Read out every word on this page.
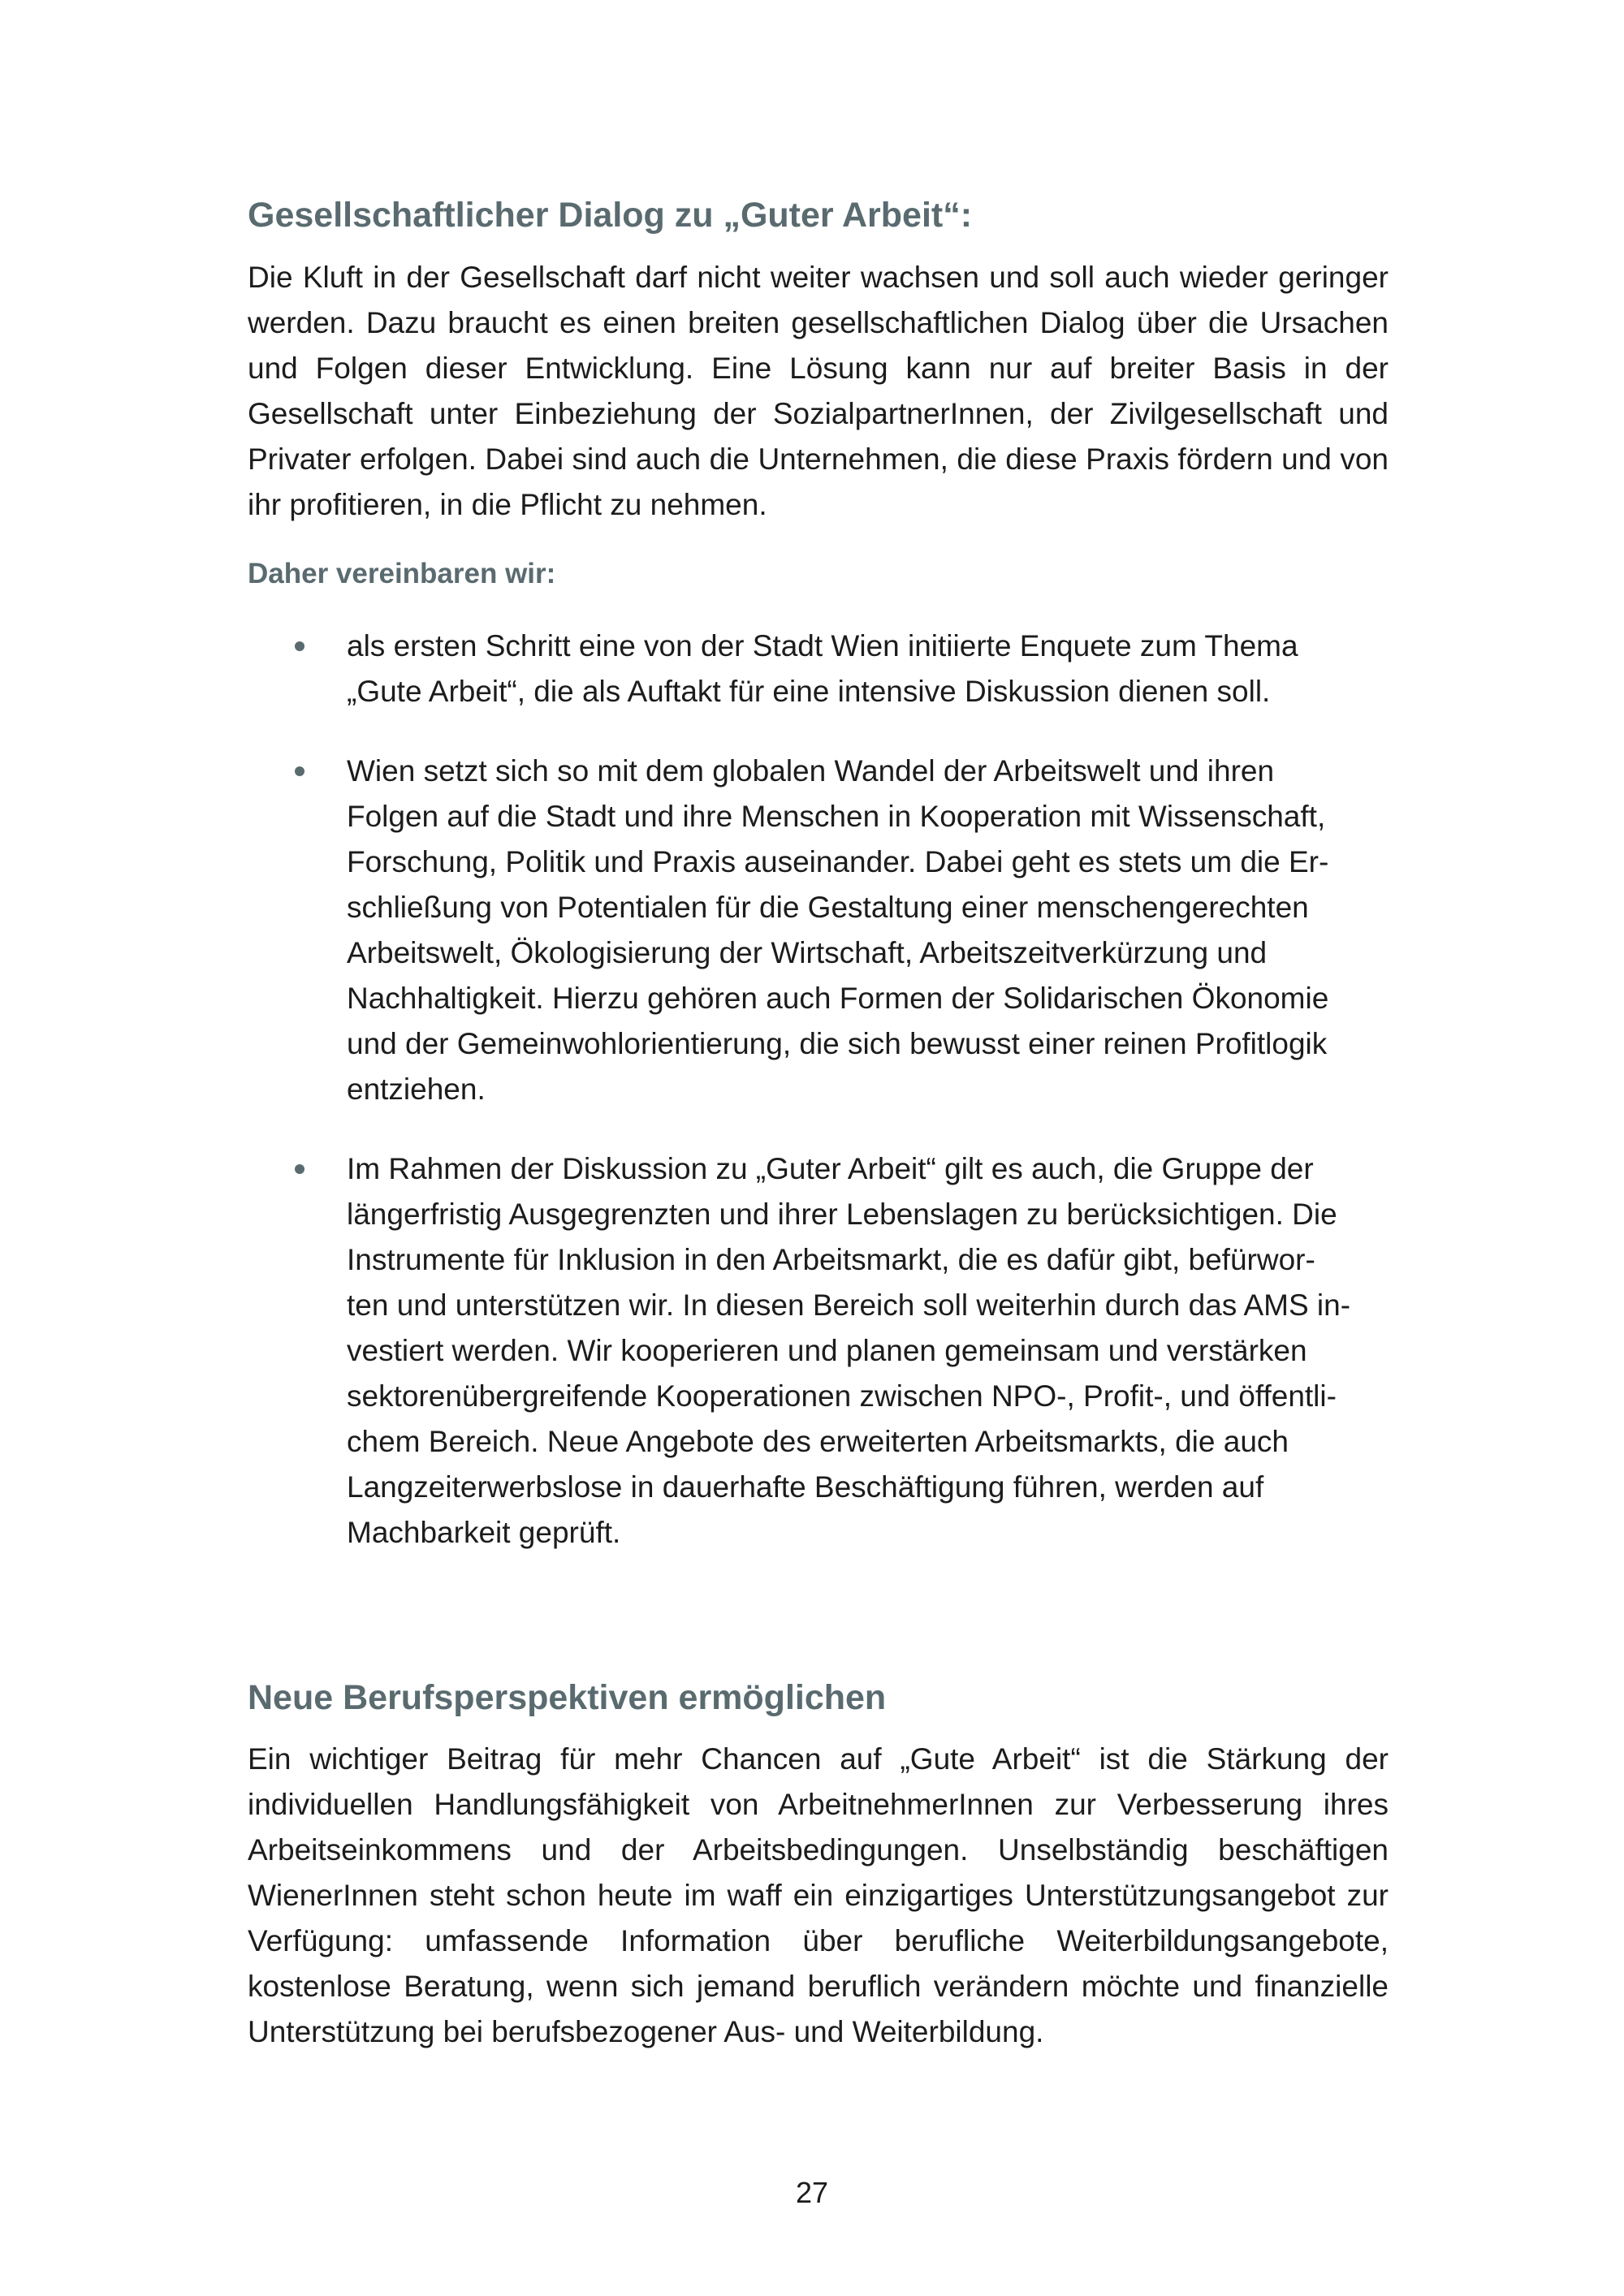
Gesellschaftlicher Dialog zu „Guter Arbeit“:

Die Kluft in der Gesellschaft darf nicht weiter wachsen und soll auch wieder geringer werden. Dazu braucht es einen breiten gesellschaftlichen Dialog über die Ursachen und Folgen dieser Entwicklung. Eine Lösung kann nur auf breiter Basis in der Gesellschaft unter Einbeziehung der SozialpartnerInnen, der Zivilgesellschaft und Privater erfolgen. Dabei sind auch die Unternehmen, die diese Praxis fördern und von ihr profitieren, in die Pflicht zu nehmen.

Daher vereinbaren wir:
als ersten Schritt eine von der Stadt Wien initiierte Enquete zum Thema
„Gute Arbeit“, die als Auftakt für eine intensive Diskussion dienen soll.
Wien setzt sich so mit dem globalen Wandel der Arbeitswelt und ihren
Folgen auf die Stadt und ihre Menschen in Kooperation mit Wissenschaft,
Forschung, Politik und Praxis auseinander. Dabei geht es stets um die Er-
schließung von Potentialen für die Gestaltung einer menschengerechten
Arbeitswelt, Ökologisierung der Wirtschaft, Arbeitszeitverkürzung und
Nachhaltigkeit. Hierzu gehören auch Formen der Solidarischen Ökonomie
und der Gemeinwohlorientierung, die sich bewusst einer reinen Profitlogik
entziehen.
Im Rahmen der Diskussion zu „Guter Arbeit“ gilt es auch, die Gruppe der
längerfristig Ausgegrenzten und ihrer Lebenslagen zu berücksichtigen. Die
Instrumente für Inklusion in den Arbeitsmarkt, die es dafür gibt, befürwor-
ten und unterstützen wir. In diesen Bereich soll weiterhin durch das AMS in-
vestiert werden. Wir kooperieren und planen gemeinsam und verstärken
sektorenübergreifende Kooperationen zwischen NPO-, Profit-, und öffentli-
chem Bereich. Neue Angebote des erweiterten Arbeitsmarkts, die auch
Langzeiterwerbslose in dauerhafte Beschäftigung führen, werden auf
Machbarkeit geprüft.
Neue Berufsperspektiven ermöglichen

Ein wichtiger Beitrag für mehr Chancen auf „Gute Arbeit“ ist die Stärkung der individuellen Handlungsfähigkeit von ArbeitnehmerInnen zur Verbesserung ihres Arbeitseinkommens und der Arbeitsbedingungen. Unselbständig beschäftigen WienerInnen steht schon heute im waff ein einzigartiges Unterstützungsangebot zur Verfügung: umfassende Information über berufliche Weiterbildungsangebote, kostenlose Beratung, wenn sich jemand beruflich verändern möchte und finanzielle Unterstützung bei berufsbezogener Aus- und Weiterbildung.

27
